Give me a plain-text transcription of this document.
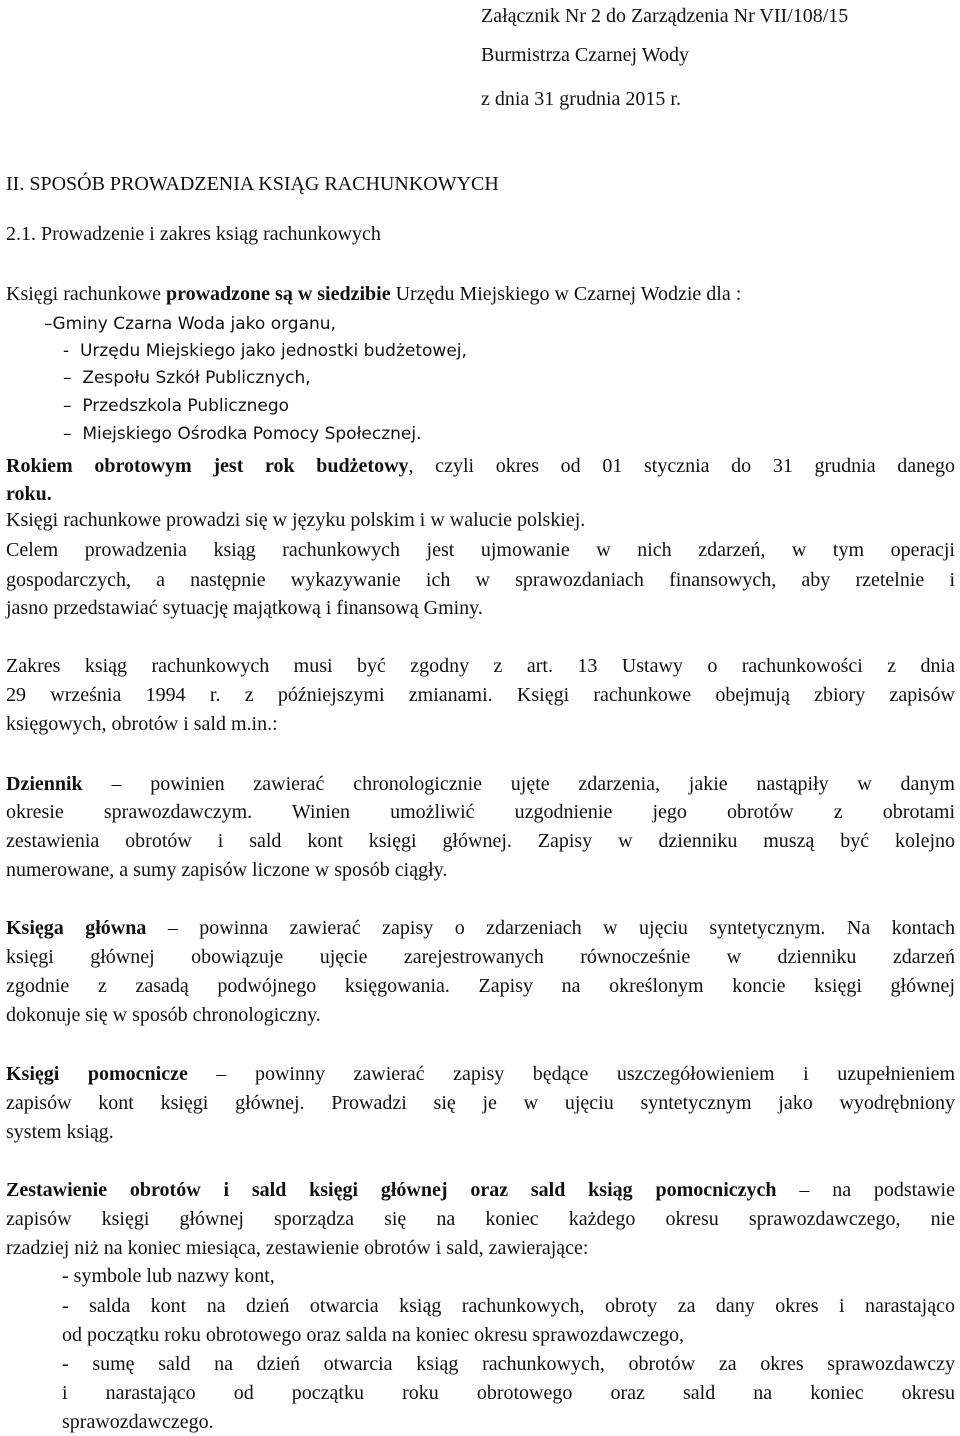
Załącznik Nr 2 do Zarządzenia Nr VII/108/15
Burmistrza Czarnej Wody
z dnia 31 grudnia 2015 r.
II. SPOSÓB PROWADZENIA KSIĄG RACHUNKOWYCH
2.1. Prowadzenie i zakres ksiąg rachunkowych
Księgi rachunkowe prowadzone są w siedzibie Urzędu Miejskiego w Czarnej Wodzie dla :
–Gminy Czarna Woda jako organu,
- Urzędu Miejskiego jako jednostki budżetowej,
– Zespołu Szkół Publicznych,
– Przedszkola Publicznego
– Miejskiego Ośrodka Pomocy Społecznej.
Rokiem obrotowym jest rok budżetowy, czyli okres od 01 stycznia do 31 grudnia danego
roku.
Księgi rachunkowe prowadzi się w języku polskim i w walucie polskiej.
Celem prowadzenia ksiąg rachunkowych jest ujmowanie w nich zdarzeń, w tym operacji
gospodarczych, a następnie wykazywanie ich w sprawozdaniach finansowych, aby rzetelnie i
jasno przedstawiać sytuację majątkową i finansową Gminy.
Zakres ksiąg rachunkowych musi być zgodny z art. 13 Ustawy o rachunkowości z dnia
29 września 1994 r. z późniejszymi zmianami. Księgi rachunkowe obejmują zbiory zapisów
księgowych, obrotów i sald m.in.:
Dziennik – powinien zawierać chronologicznie ujęte zdarzenia, jakie nastąpiły w danym
okresie sprawozdawczym. Winien umożliwić uzgodnienie jego obrotów z obrotami
zestawienia obrotów i sald kont księgi głównej. Zapisy w dzienniku muszą być kolejno
numerowane, a sumy zapisów liczone w sposób ciągły.
Księga główna – powinna zawierać zapisy o zdarzeniach w ujęciu syntetycznym. Na kontach
księgi głównej obowiązuje ujęcie zarejestrowanych równocześnie w dzienniku zdarzeń
zgodnie z zasadą podwójnego księgowania. Zapisy na określonym koncie księgi głównej
dokonuje się w sposób chronologiczny.
Księgi pomocnicze – powinny zawierać zapisy będące uszczegółowieniem i uzupełnieniem
zapisów kont księgi głównej. Prowadzi się je w ujęciu syntetycznym jako wyodrębniony
system ksiąg.
Zestawienie obrotów i sald księgi głównej oraz sald ksiąg pomocniczych – na podstawie
zapisów księgi głównej sporządza się na koniec każdego okresu sprawozdawczego, nie
rzadziej niż na koniec miesiąca, zestawienie obrotów i sald, zawierające:
- symbole lub nazwy kont,
- salda kont na dzień otwarcia ksiąg rachunkowych, obroty za dany okres i narastająco
od początku roku obrotowego oraz salda na koniec okresu sprawozdawczego,
- sumę sald na dzień otwarcia ksiąg rachunkowych, obrotów za okres sprawozdawczy
i narastająco od początku roku obrotowego oraz sald na koniec okresu
sprawozdawczego.
